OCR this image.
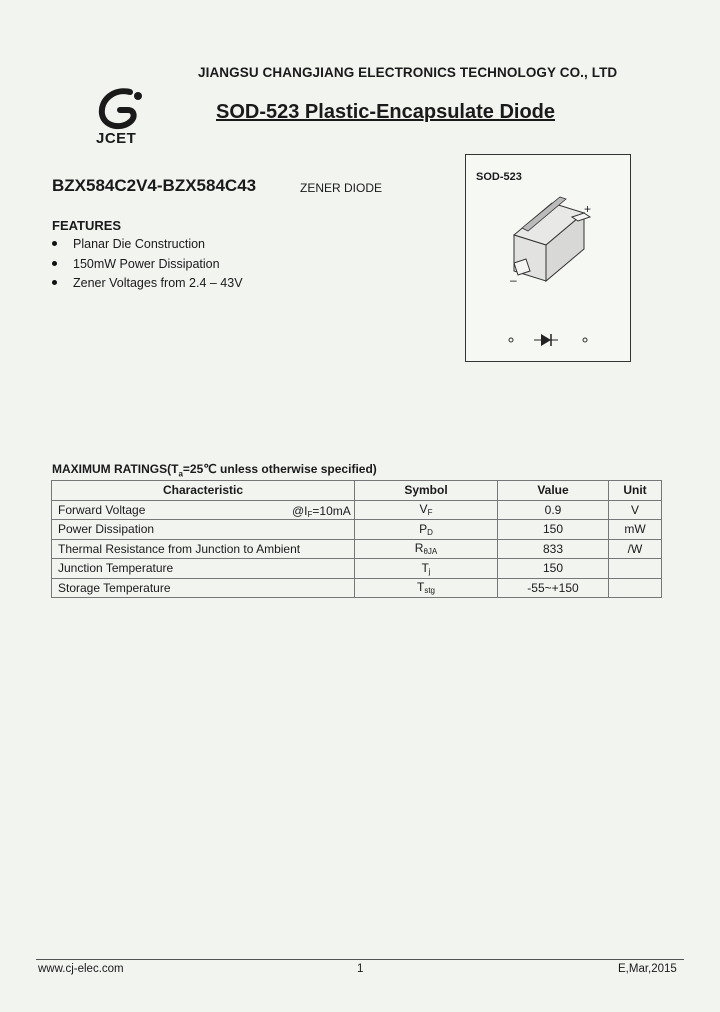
JIANGSU CHANGJIANG ELECTRONICS TECHNOLOGY CO., LTD
JCET
SOD-523 Plastic-Encapsulate Diode
BZX584C2V4-BZX584C43	ZENER DIODE
FEATURES
Planar Die Construction
150mW Power Dissipation
Zener Voltages from 2.4 – 43V
SOD-523
+
–
MAXIMUM $RATINGS(T_a=25℃$ unless otherwise specified)
Characteristic	Symbol	Value	Unit
Forward Voltage $@I_F=10mA$	$V_F$	0.9	V
Power Dissipation	$P_D$	150	mW
Thermal Resistance from Junction to Ambient	$R_{\theta JA}$	833	/W
Junction Temperature	$T_j$	150	
Storage Temperature	$T_{stg}$	-55~+150	
www.cj-elec.com	1	E,Mar,2015
